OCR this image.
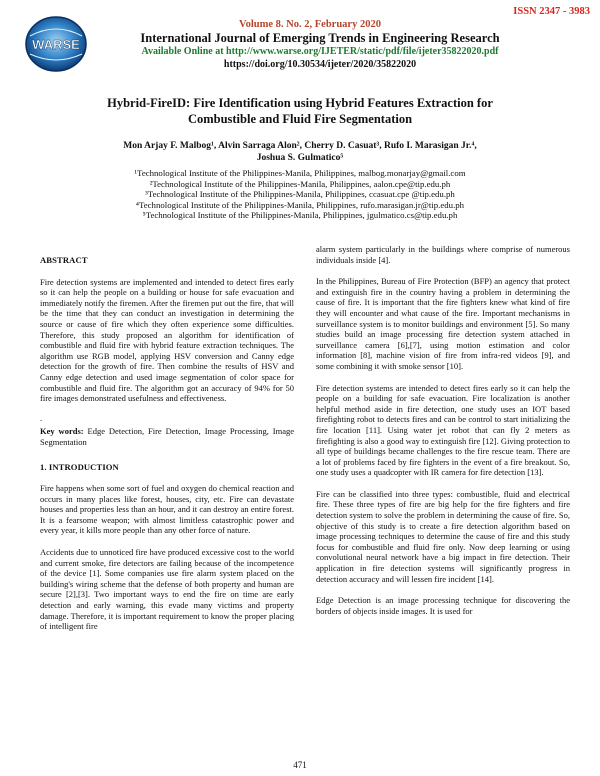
ISSN 2347 - 3983
WARSE
Volume 8. No. 2, February 2020
International Journal of Emerging Trends in Engineering Research
Available Online at http://www.warse.org/IJETER/static/pdf/file/ijeter35822020.pdf
https://doi.org/10.30534/ijeter/2020/35822020
Hybrid-FireID: Fire Identification using Hybrid Features Extraction for
Combustible and Fluid Fire Segmentation
Mon Arjay F. Malbog¹, Alvin Sarraga Alon², Cherry D. Casuat³, Rufo I. Marasigan Jr.⁴,
Joshua S. Gulmatico⁵
¹Technological Institute of the Philippines-Manila, Philippines, malbog.monarjay@gmail.com
²Technological Institute of the Philippines-Manila, Philippines, aalon.cpe@tip.edu.ph
³Technological Institute of the Philippines-Manila, Philippines, ccasuat.cpe @tip.edu.ph
⁴Technological Institute of the Philippines-Manila, Philippines, rufo.marasigan.jr@tip.edu.ph
⁵Technological Institute of the Philippines-Manila, Philippines, jgulmatico.cs@tip.edu.ph
ABSTRACT

Fire detection systems are implemented and intended to detect fires early so it can help the people on a building or house for safe evacuation and immediately notify the firemen. After the firemen put out the fire, that will be the time that they can conduct an investigation in determining the source or cause of fire which they often experience some difficulties. Therefore, this study proposed an algorithm for identification of combustible and fluid fire with hybrid feature extraction techniques. The algorithm use RGB model, applying HSV conversion and Canny edge detection for the growth of fire. Then combine the results of HSV and Canny edge detection and used image segmentation of color space for combustible and fluid fire. The algorithm got an accuracy of 94% for 50 fire images demonstrated usefulness and effectiveness.

.

Key words: Edge Detection, Fire Detection, Image Processing, Image Segmentation

1. INTRODUCTION

Fire happens when some sort of fuel and oxygen do chemical reaction and occurs in many places like forest, houses, city, etc. Fire can devastate houses and properties less than an hour, and it can destroy an entire forest. It is a fearsome weapon; with almost limitless catastrophic power and every year, it kills more people than any other force of nature.

Accidents due to unnoticed fire have produced excessive cost to the world and current smoke, fire detectors are failing because of the incompetence of the device [1]. Some companies use fire alarm system placed on the building's wiring scheme that the defense of both property and human are secure [2],[3]. Two important ways to end the fire on time are early detection and early warning, this evade many victims and property damage. Therefore, it is important requirement to know the proper placing of intelligent fire

alarm system particularly in the buildings where comprise of numerous individuals inside [4].

In the Philippines, Bureau of Fire Protection (BFP) an agency that protect and extinguish fire in the country having a problem in determining the cause of fire. It is important that the fire fighters knew what kind of fire they will encounter and what cause of the fire. Important mechanisms in surveillance system is to monitor buildings and environment [5]. So many studies build an image processing fire detection system attached in surveillance camera [6],[7], using motion estimation and color information [8], machine vision of fire from infra-red videos [9], and some combining it with smoke sensor [10].

Fire detection systems are intended to detect fires early so it can help the people on a building for safe evacuation. Fire localization is another helpful method aside in fire detection, one study uses an IOT based firefighting robot to detects fires and can be control to start initializing the fire location [11]. Using water jet robot that can fly 2 meters as firefighting is also a good way to extinguish fire [12]. Giving protection to all type of buildings became challenges to the fire rescue team. There are a lot of problems faced by fire fighters in the event of a fire breakout. So, one study uses a quadcopter with IR camera for fire detection [13].

Fire can be classified into three types: combustible, fluid and electrical fire. These three types of fire are big help for the fire fighters and fire detection system to solve the problem in determining the cause of fire. So, objective of this study is to create a fire detection algorithm based on image processing techniques to determine the cause of fire and this study focus for combustible and fluid fire only. Now deep learning or using convolutional neural network have a big impact in fire detection. Their application in fire detection systems will significantly progress in detection accuracy and will lessen fire incident [14].

Edge Detection is an image processing technique for discovering the borders of objects inside images. It is used for

471
